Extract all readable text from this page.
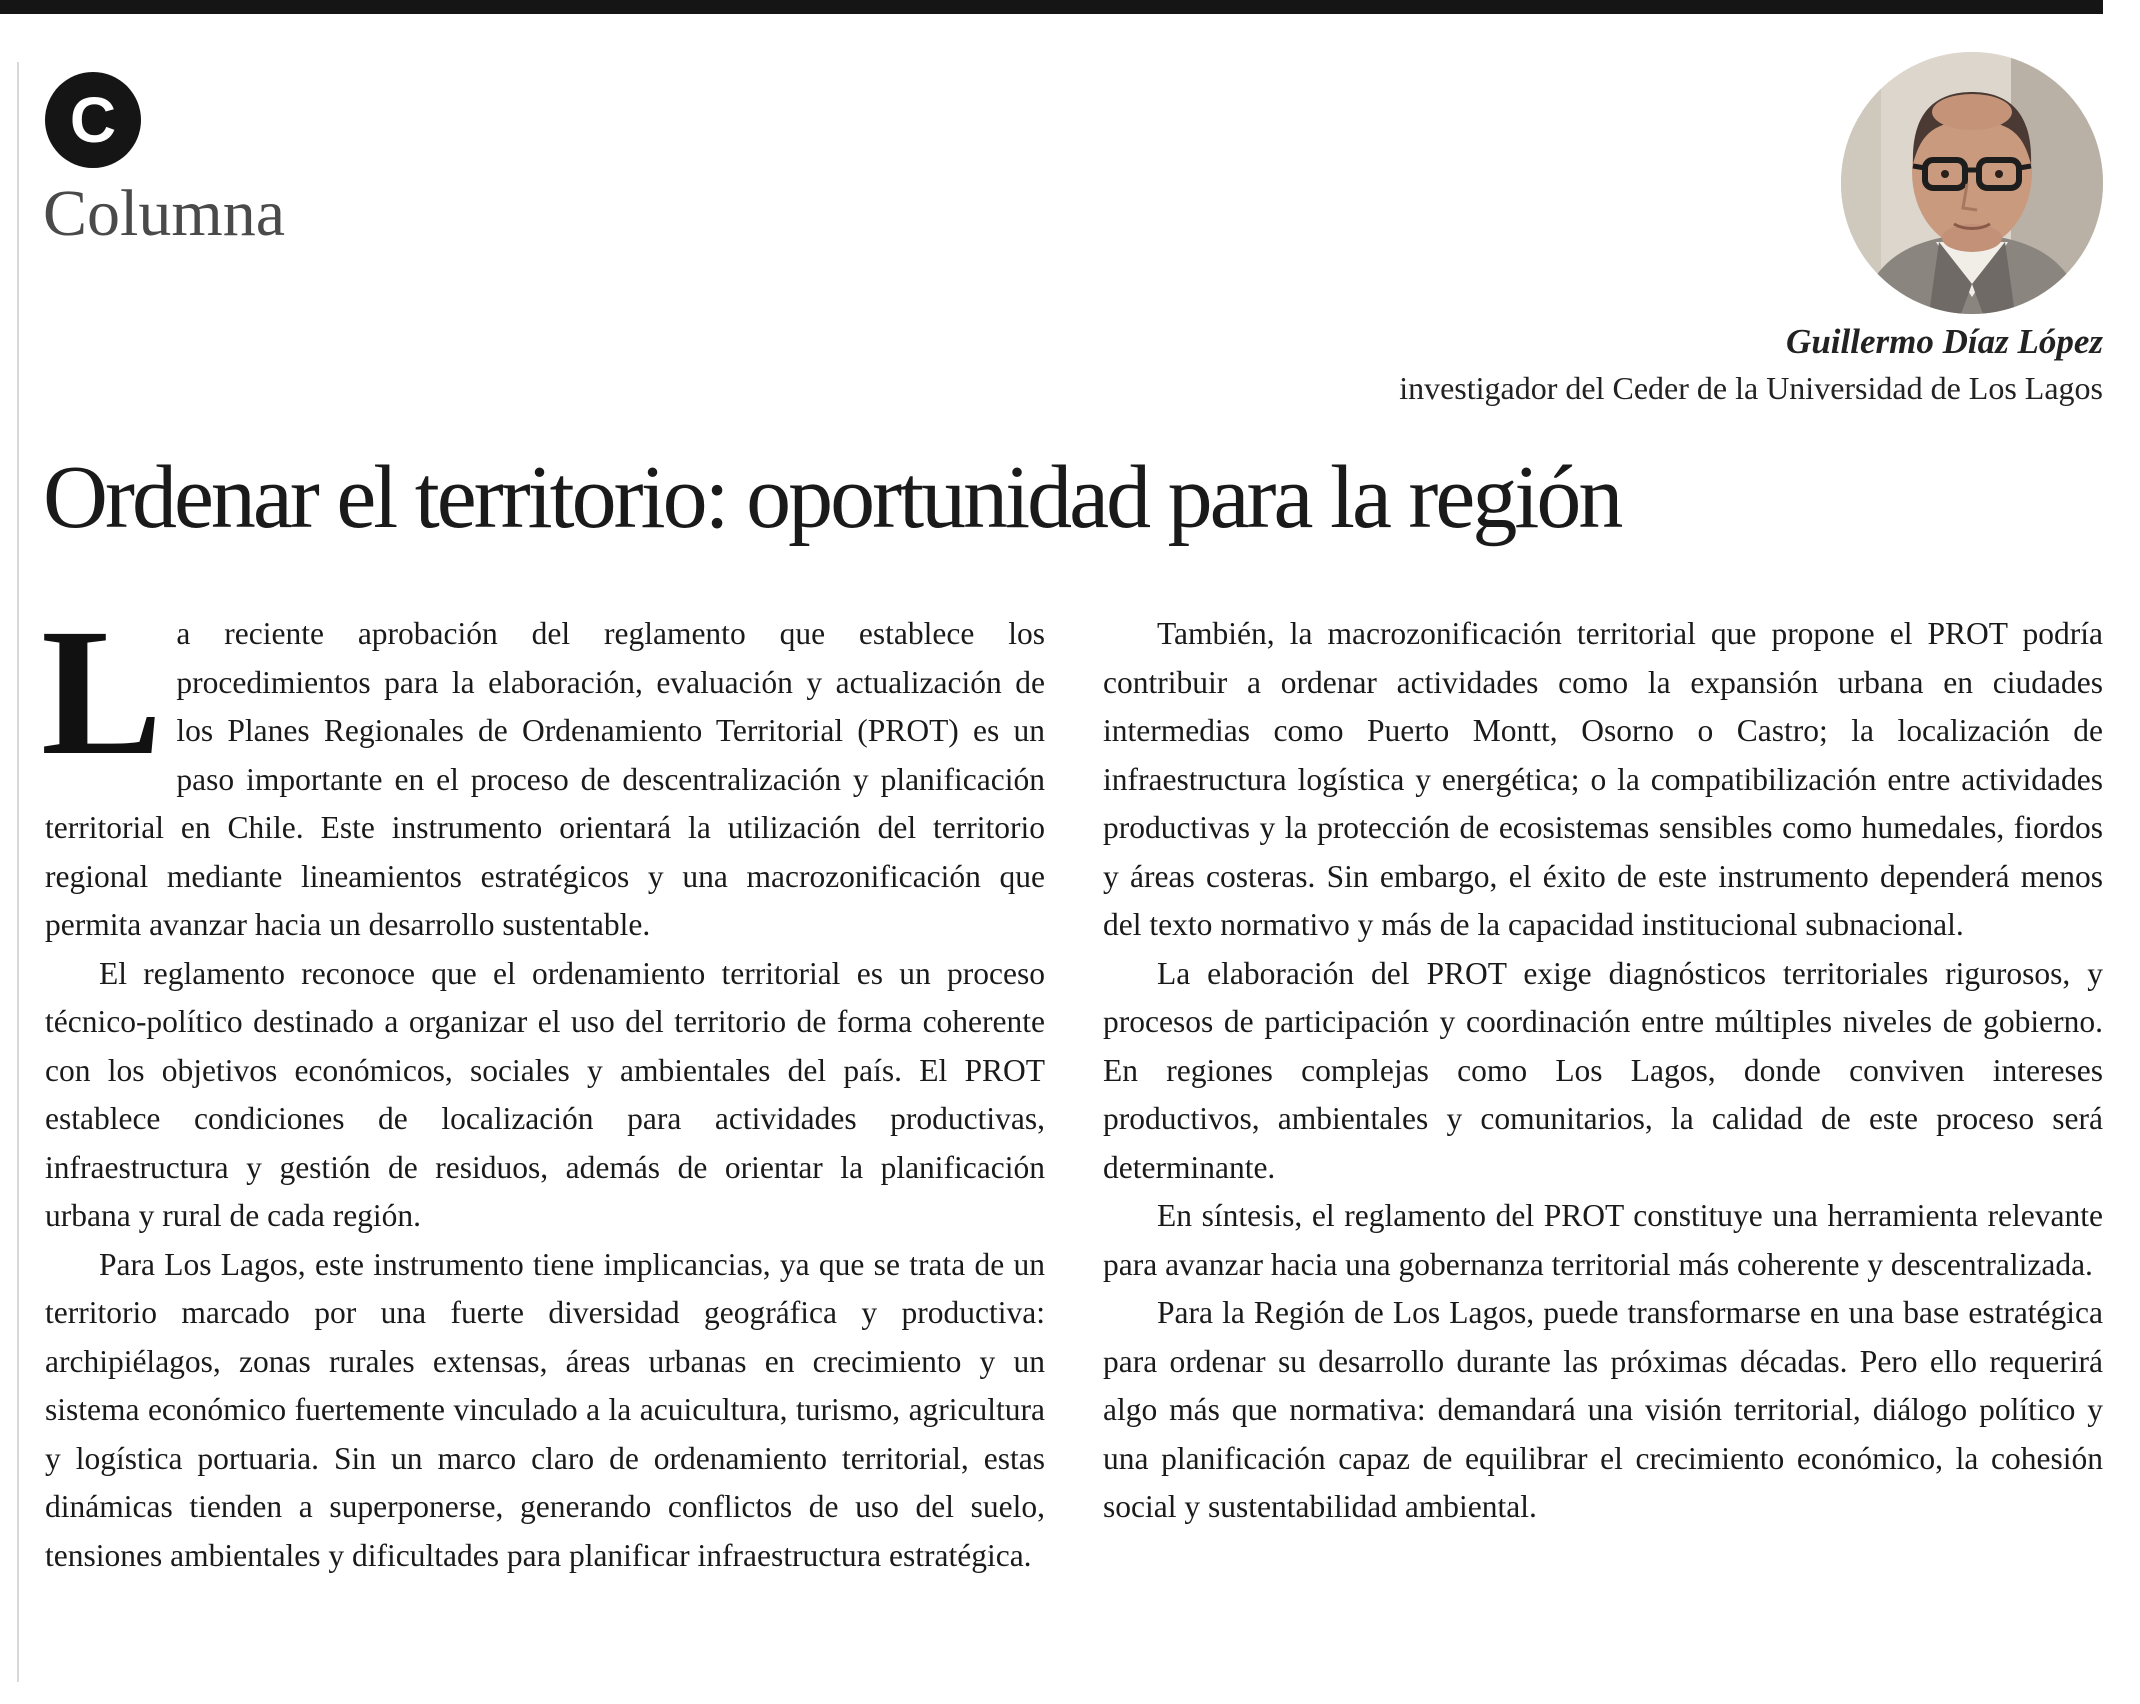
C
Columna
Guillermo Díaz López
investigador del Ceder de la Universidad de Los Lagos
Ordenar el territorio: oportunidad para la región

La reciente aprobación del reglamento que establece los procedimientos para la elaboración, evaluación y actualización de los Planes Regionales de Ordenamiento Territorial (PROT) es un paso importante en el proceso de descentralización y planificación territorial en Chile. Este instrumento orientará la utilización del territorio regional mediante lineamientos estratégicos y una macrozonificación que permita avanzar hacia un desarrollo sustentable.

El reglamento reconoce que el ordenamiento territorial es un proceso técnico-político destinado a organizar el uso del territorio de forma coherente con los objetivos económicos, sociales y ambientales del país. El PROT establece condiciones de localización para actividades productivas, infraestructura y gestión de residuos, además de orientar la planificación urbana y rural de cada región.

Para Los Lagos, este instrumento tiene implicancias, ya que se trata de un territorio marcado por una fuerte diversidad geográfica y productiva: archipiélagos, zonas rurales extensas, áreas urbanas en crecimiento y un sistema económico fuertemente vinculado a la acuicultura, turismo, agricultura y logística portuaria. Sin un marco claro de ordenamiento territorial, estas dinámicas tienden a superponerse, generando conflictos de uso del suelo, tensiones ambientales y dificultades para planificar infraestructura estratégica.

También, la macrozonificación territorial que propone el PROT podría contribuir a ordenar actividades como la expansión urbana en ciudades intermedias como Puerto Montt, Osorno o Castro; la localización de infraestructura logística y energética; o la compatibilización entre actividades productivas y la protección de ecosistemas sensibles como humedales, fiordos y áreas costeras. Sin embargo, el éxito de este instrumento dependerá menos del texto normativo y más de la capacidad institucional subnacional.

La elaboración del PROT exige diagnósticos territoriales rigurosos, y procesos de participación y coordinación entre múltiples niveles de gobierno. En regiones complejas como Los Lagos, donde conviven intereses productivos, ambientales y comunitarios, la calidad de este proceso será determinante.

En síntesis, el reglamento del PROT constituye una herramienta relevante para avanzar hacia una gobernanza territorial más coherente y descentralizada.

Para la Región de Los Lagos, puede transformarse en una base estratégica para ordenar su desarrollo durante las próximas décadas. Pero ello requerirá algo más que normativa: demandará una visión territorial, diálogo político y una planificación capaz de equilibrar el crecimiento económico, la cohesión social y sustentabilidad ambiental.
